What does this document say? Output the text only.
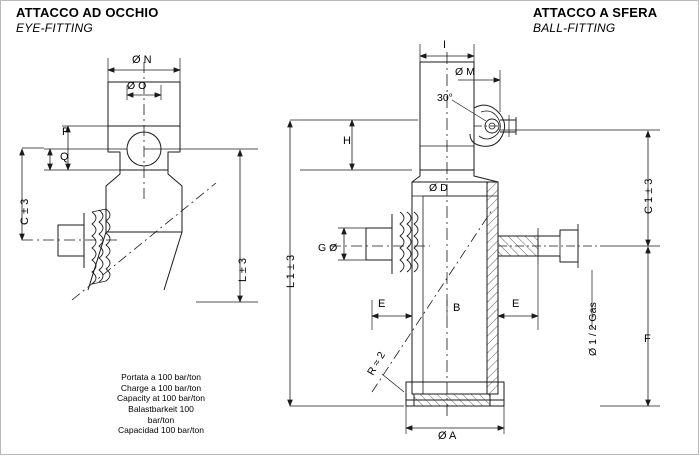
ATTACCO AD OCCHIO
EYE-FITTING
ATTACCO A SFERA
BALL-FITTING
Ø N
Ø O
P
Q
C ± 3
L ± 3
I
Ø M
30°
H
Ø D
G Ø
L 1 ± 3
C 1 ± 3
E	E
B
F
R ≈ 2
Ø 1 / 2 Gas
Ø A
Portata a 100 bar/ton
Charge a 100 bar/ton
Capacity at 100 bar/ton
Balastbarkeit 100
bar/ton
Capacidad 100 bar/ton
